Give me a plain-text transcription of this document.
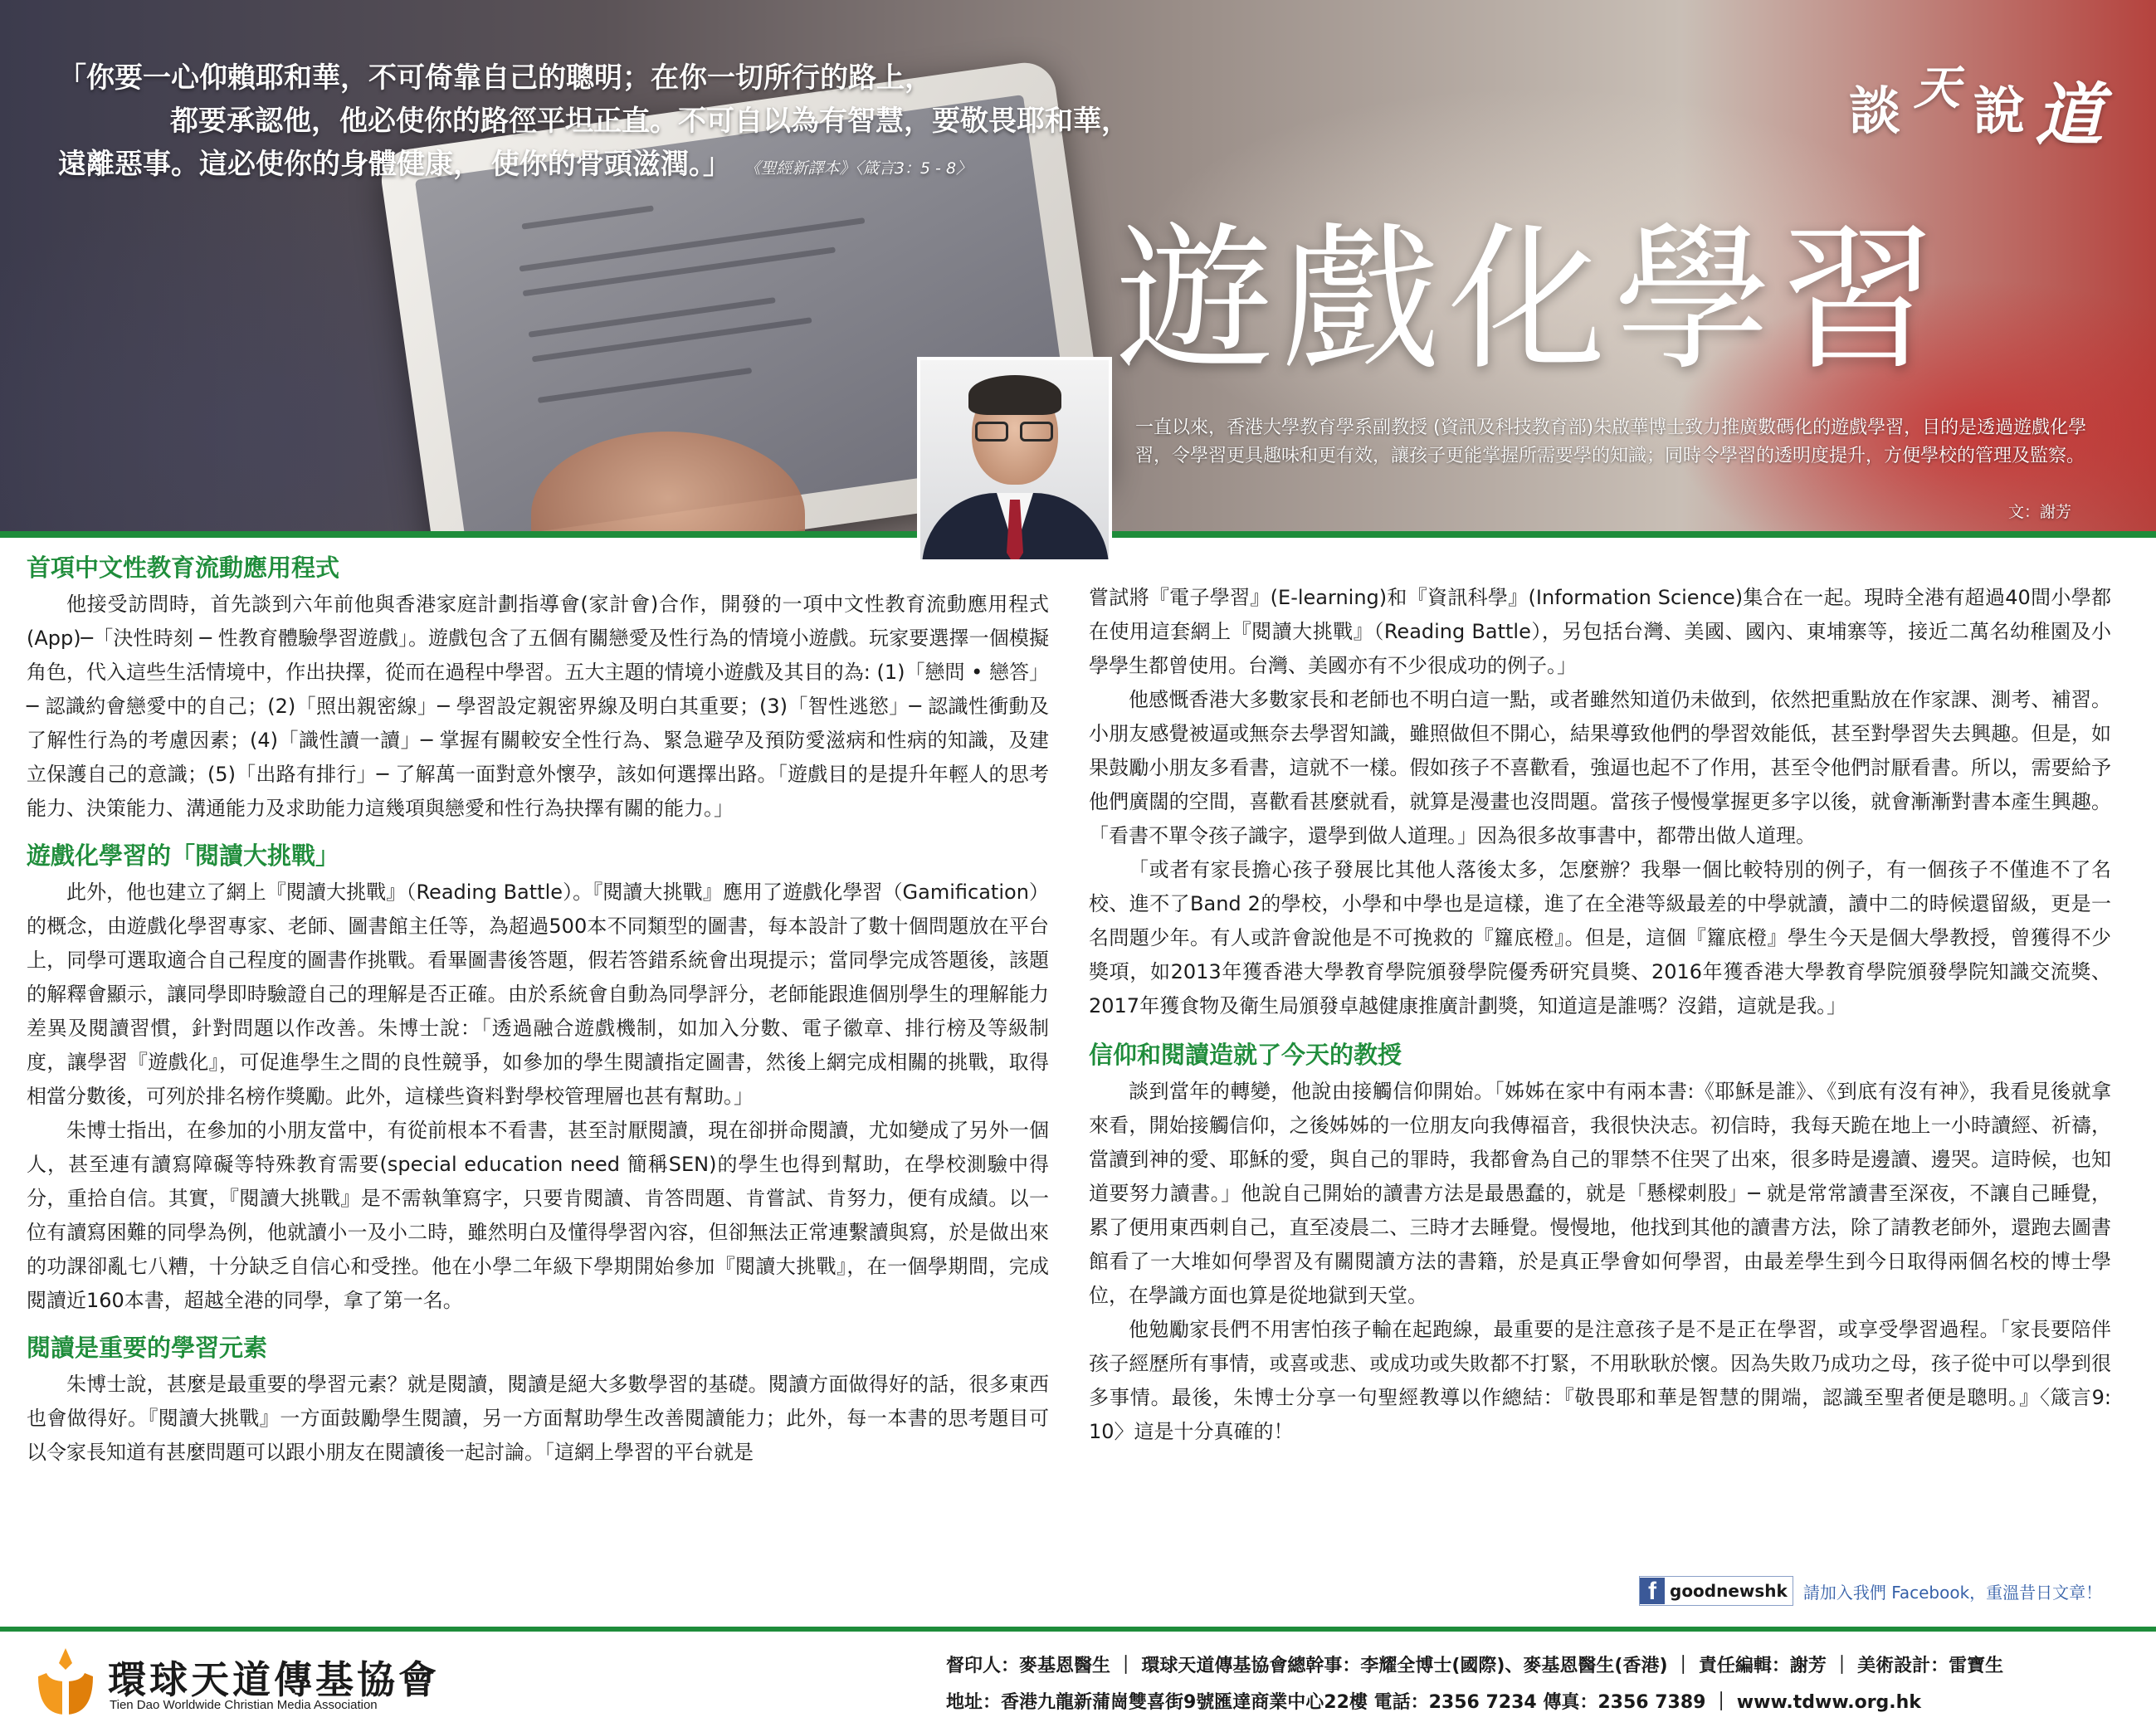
「你要一心仰賴耶和華，不可倚靠自己的聰明；在你一切所行的路上，
都要承認他，他必使你的路徑平坦正直。不可自以為有智慧，要敬畏耶和華，
遠離惡事。這必使你的身體健康， 使你的骨頭滋潤。」 《聖經新譯本》〈箴言3：5 - 8〉
談 天 說 道
遊戲化學習
一直以來，香港大學教育學系副教授 (資訊及科技教育部)朱啟華博士致力推廣數碼化的遊戲學習，目的是透過遊戲化學習，令學習更具趣味和更有效，讓孩子更能掌握所需要學的知識；同時令學習的透明度提升，方便學校的管理及監察。
文：謝芳
首項中文性教育流動應用程式

他接受訪問時，首先談到六年前他與香港家庭計劃指導會(家計會)合作，開發的一項中文性教育流動應用程式(App)─「決性時刻 ─ 性教育體驗學習遊戲」。遊戲包含了五個有關戀愛及性行為的情境小遊戲。玩家要選擇一個模擬角色，代入這些生活情境中，作出抉擇，從而在過程中學習。五大主題的情境小遊戲及其目的為: (1)「戀問 • 戀答」─ 認識約會戀愛中的自己；(2)「照出親密線」─ 學習設定親密界線及明白其重要；(3)「智性逃慾」─ 認識性衝動及了解性行為的考慮因素；(4)「識性讀一讀」─ 掌握有關較安全性行為、緊急避孕及預防愛滋病和性病的知識，及建立保護自己的意識；(5)「出路有排行」─ 了解萬一面對意外懷孕，該如何選擇出路。「遊戲目的是提升年輕人的思考能力、決策能力、溝通能力及求助能力這幾項與戀愛和性行為抉擇有關的能力。」

遊戲化學習的「閱讀大挑戰」

此外，他也建立了網上『閱讀大挑戰』（Reading Battle）。『閱讀大挑戰』應用了遊戲化學習（Gamification）的概念，由遊戲化學習專家、老師、圖書館主任等，為超過500本不同類型的圖書，每本設計了數十個問題放在平台上，同學可選取適合自己程度的圖書作挑戰。看畢圖書後答題，假若答錯系統會出現提示；當同學完成答題後，該題的解釋會顯示，讓同學即時驗證自己的理解是否正確。由於系統會自動為同學評分，老師能跟進個別學生的理解能力差異及閱讀習慣，針對問題以作改善。朱博士說：「透過融合遊戲機制，如加入分數、電子徽章、排行榜及等級制度，讓學習『遊戲化』，可促進學生之間的良性競爭，如參加的學生閱讀指定圖書，然後上網完成相關的挑戰，取得相當分數後，可列於排名榜作獎勵。此外，這樣些資料對學校管理層也甚有幫助。」

朱博士指出，在參加的小朋友當中，有從前根本不看書，甚至討厭閱讀，現在卻拼命閱讀，尤如變成了另外一個人，甚至連有讀寫障礙等特殊教育需要(special education need 簡稱SEN)的學生也得到幫助，在學校測驗中得分，重拾自信。其實，『閱讀大挑戰』是不需執筆寫字，只要肯閱讀、肯答問題、肯嘗試、肯努力，便有成績。以一位有讀寫困難的同學為例，他就讀小一及小二時，雖然明白及懂得學習內容，但卻無法正常連繫讀與寫，於是做出來的功課卻亂七八糟，十分缺乏自信心和受挫。他在小學二年級下學期開始參加『閱讀大挑戰』，在一個學期間，完成閱讀近160本書，超越全港的同學，拿了第一名。

閱讀是重要的學習元素

朱博士說，甚麼是最重要的學習元素？就是閱讀，閱讀是絕大多數學習的基礎。閱讀方面做得好的話，很多東西也會做得好。『閱讀大挑戰』一方面鼓勵學生閱讀，另一方面幫助學生改善閱讀能力；此外，每一本書的思考題目可以令家長知道有甚麼問題可以跟小朋友在閱讀後一起討論。「這網上學習的平台就是

嘗試將『電子學習』(E-learning)和『資訊科學』(Information Science)集合在一起。現時全港有超過40間小學都在使用這套網上『閱讀大挑戰』（Reading Battle），另包括台灣、美國、國內、東埔寨等，接近二萬名幼稚園及小學學生都曾使用。台灣、美國亦有不少很成功的例子。」

他感慨香港大多數家長和老師也不明白這一點，或者雖然知道仍未做到，依然把重點放在作家課、測考、補習。小朋友感覺被逼或無奈去學習知識，雖照做但不開心，結果導致他們的學習效能低，甚至對學習失去興趣。但是，如果鼓勵小朋友多看書，這就不一樣。假如孩子不喜歡看，強逼也起不了作用，甚至令他們討厭看書。所以，需要給予他們廣闊的空間，喜歡看甚麼就看，就算是漫畫也沒問題。當孩子慢慢掌握更多字以後，就會漸漸對書本產生興趣。「看書不單令孩子識字，還學到做人道理。」因為很多故事書中，都帶出做人道理。

「或者有家長擔心孩子發展比其他人落後太多，怎麼辦？我舉一個比較特別的例子，有一個孩子不僅進不了名校、進不了Band 2的學校，小學和中學也是這樣，進了在全港等級最差的中學就讀，讀中二的時候還留級，更是一名問題少年。有人或許會說他是不可挽救的『籮底橙』。但是，這個『籮底橙』學生今天是個大學教授，曾獲得不少獎項，如2013年獲香港大學教育學院頒發學院優秀研究員獎、2016年獲香港大學教育學院頒發學院知識交流獎、2017年獲食物及衛生局頒發卓越健康推廣計劃獎，知道這是誰嗎？沒錯，這就是我。」

信仰和閱讀造就了今天的教授

談到當年的轉變，他說由接觸信仰開始。「姊姊在家中有兩本書:《耶穌是誰》、《到底有沒有神》，我看見後就拿來看，開始接觸信仰，之後姊姊的一位朋友向我傳福音，我很快決志。初信時，我每天跪在地上一小時讀經、祈禱，當讀到神的愛、耶穌的愛，與自己的罪時，我都會為自己的罪禁不住哭了出來，很多時是邊讀、邊哭。這時候，也知道要努力讀書。」他說自己開始的讀書方法是最愚蠢的，就是「懸樑刺股」─ 就是常常讀書至深夜，不讓自己睡覺，累了便用東西刺自己，直至凌晨二、三時才去睡覺。慢慢地，他找到其他的讀書方法，除了請教老師外，還跑去圖書館看了一大堆如何學習及有關閱讀方法的書籍，於是真正學會如何學習，由最差學生到今日取得兩個名校的博士學位，在學識方面也算是從地獄到天堂。

他勉勵家長們不用害怕孩子輸在起跑線，最重要的是注意孩子是不是正在學習，或享受學習過程。「家長要陪伴孩子經歷所有事情，或喜或悲、或成功或失敗都不打緊，不用耿耿於懷。因為失敗乃成功之母，孩子從中可以學到很多事情。最後，朱博士分享一句聖經教導以作總結：『敬畏耶和華是智慧的開端，認識至聖者便是聰明。』〈箴言9: 10〉這是十分真確的！

f goodnewshk 請加入我們 Facebook，重溫昔日文章！
環球天道傳基協會
Tien Dao Worldwide Christian Media Association
督印人：麥基恩醫生 ｜ 環球天道傳基協會總幹事：李耀全博士(國際)、麥基恩醫生(香港) ｜ 責任編輯：謝芳 ｜ 美術設計：雷寶生
地址：香港九龍新蒲崗雙喜街9號匯達商業中心22樓 電話：2356 7234 傳真：2356 7389 ｜ www.tdww.org.hk
